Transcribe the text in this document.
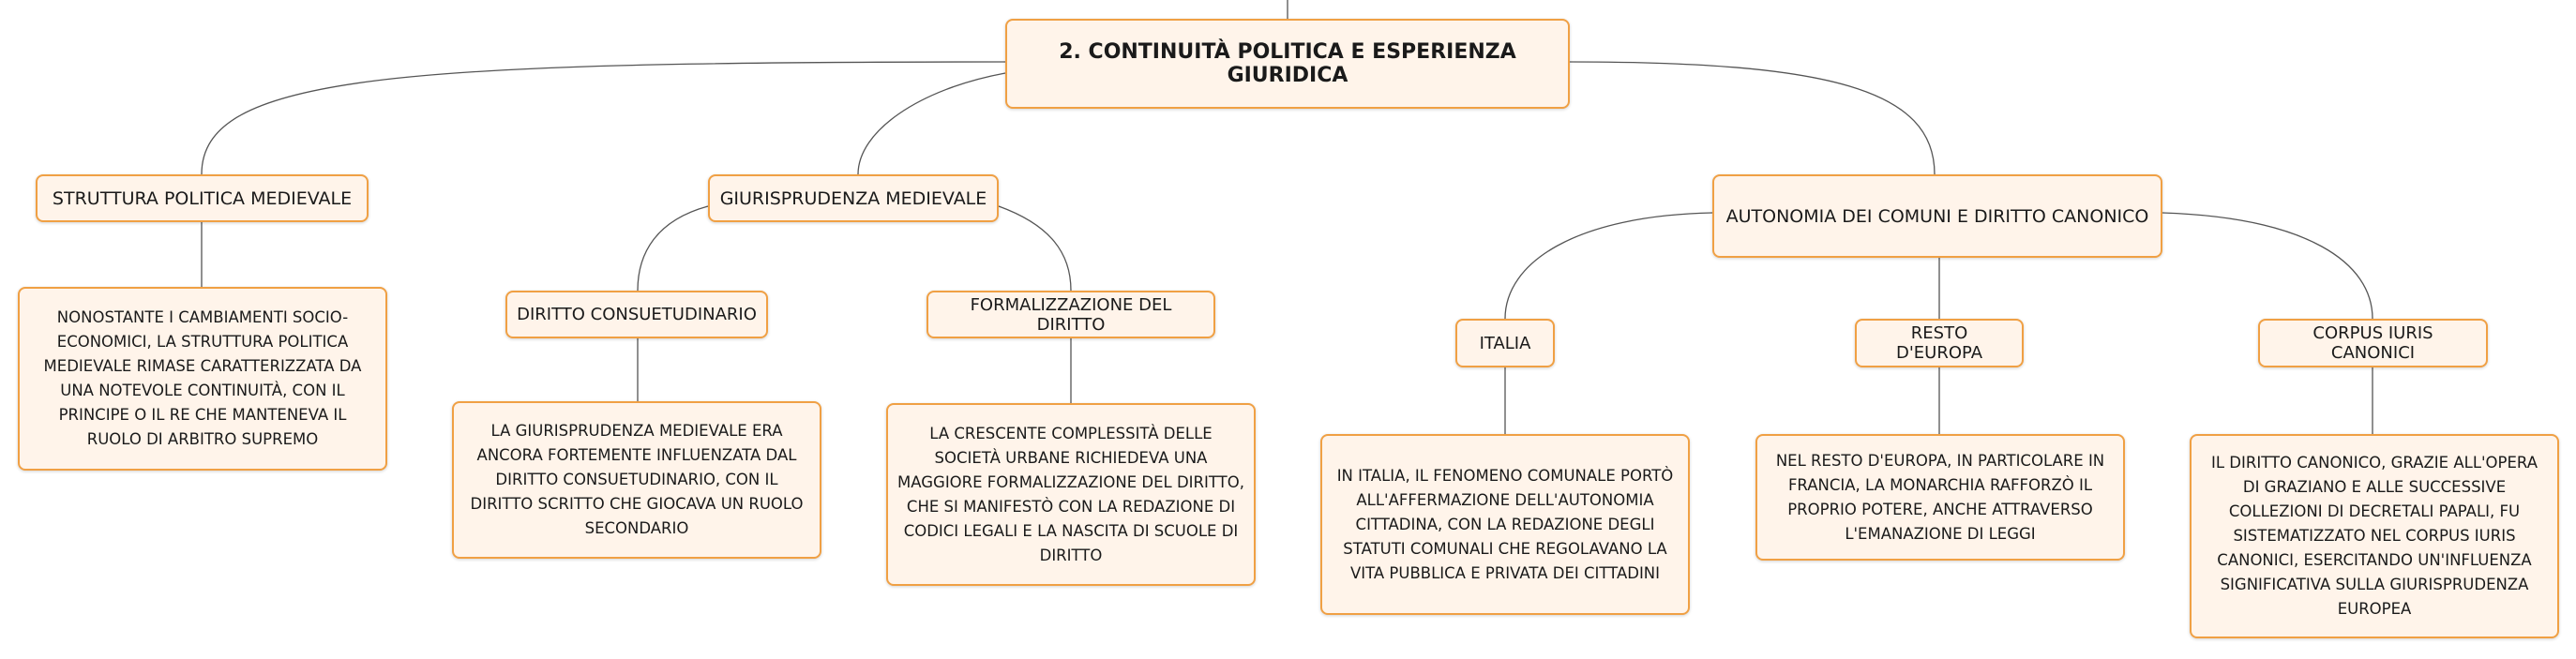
2. CONTINUITÀ POLITICA E ESPERIENZA GIURIDICA
STRUTTURA POLITICA MEDIEVALE
NONOSTANTE I CAMBIAMENTI SOCIO-ECONOMICI, LA STRUTTURA POLITICA MEDIEVALE RIMASE CARATTERIZZATA DA UNA NOTEVOLE CONTINUITÀ, CON IL PRINCIPE O IL RE CHE MANTENEVA IL RUOLO DI ARBITRO SUPREMO
GIURISPRUDENZA MEDIEVALE
DIRITTO CONSUETUDINARIO
LA GIURISPRUDENZA MEDIEVALE ERA ANCORA FORTEMENTE INFLUENZATA DAL DIRITTO CONSUETUDINARIO, CON IL DIRITTO SCRITTO CHE GIOCAVA UN RUOLO SECONDARIO
FORMALIZZAZIONE DEL DIRITTO
LA CRESCENTE COMPLESSITÀ DELLE SOCIETÀ URBANE RICHIEDEVA UNA MAGGIORE FORMALIZZAZIONE DEL DIRITTO, CHE SI MANIFESTÒ CON LA REDAZIONE DI CODICI LEGALI E LA NASCITA DI SCUOLE DI DIRITTO
AUTONOMIA DEI COMUNI E DIRITTO CANONICO
ITALIA
IN ITALIA, IL FENOMENO COMUNALE PORTÒ ALL'AFFERMAZIONE DELL'AUTONOMIA CITTADINA, CON LA REDAZIONE DEGLI STATUTI COMUNALI CHE REGOLAVANO LA VITA PUBBLICA E PRIVATA DEI CITTADINI
RESTO D'EUROPA
NEL RESTO D'EUROPA, IN PARTICOLARE IN FRANCIA, LA MONARCHIA RAFFORZÒ IL PROPRIO POTERE, ANCHE ATTRAVERSO L'EMANAZIONE DI LEGGI
CORPUS IURIS CANONICI
IL DIRITTO CANONICO, GRAZIE ALL'OPERA DI GRAZIANO E ALLE SUCCESSIVE COLLEZIONI DI DECRETALI PAPALI, FU SISTEMATIZZATO NEL CORPUS IURIS CANONICI, ESERCITANDO UN'INFLUENZA SIGNIFICATIVA SULLA GIURISPRUDENZA EUROPEA
